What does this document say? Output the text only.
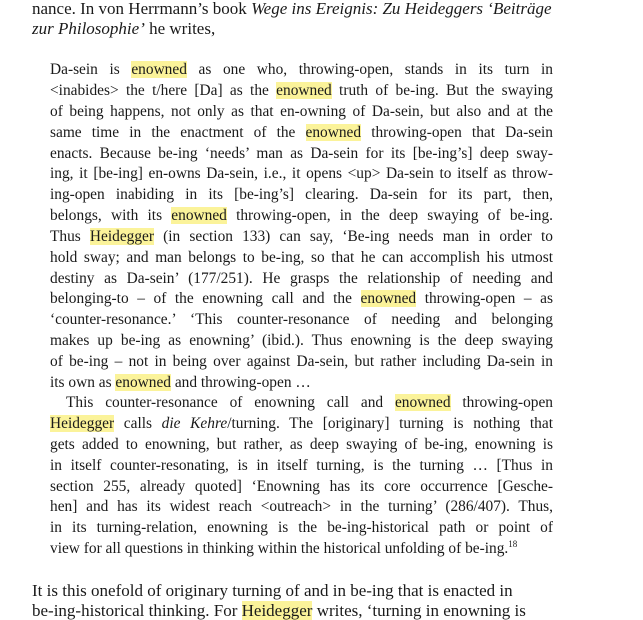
nance. In von Herrmann’s book Wege ins Ereignis: Zu Heideggers ‘Beiträge
zur Philosophie’ he writes,
Da-sein is enowned as one who, throwing-open, stands in its turn in
<inabides> the t/here [Da] as the enowned truth of be-ing. But the swaying
of being happens, not only as that en-owning of Da-sein, but also and at the
same time in the enactment of the enowned throwing-open that Da-sein
enacts. Because be-ing ‘needs’ man as Da-sein for its [be-ing’s] deep sway-
ing, it [be-ing] en-owns Da-sein, i.e., it opens <up> Da-sein to itself as throw-
ing-open inabiding in its [be-ing’s] clearing. Da-sein for its part, then,
belongs, with its enowned throwing-open, in the deep swaying of be-ing.
Thus Heidegger (in section 133) can say, ‘Be-ing needs man in order to
hold sway; and man belongs to be-ing, so that he can accomplish his utmost
destiny as Da-sein’ (177/251). He grasps the relationship of needing and
belonging-to – of the enowning call and the enowned throwing-open – as
‘counter-resonance.’ ‘This counter-resonance of needing and belonging
makes up be-ing as enowning’ (ibid.). Thus enowning is the deep swaying
of be-ing – not in being over against Da-sein, but rather including Da-sein in
its own as enowned and throwing-open …
This counter-resonance of enowning call and enowned throwing-open
Heidegger calls die Kehre/turning. The [originary] turning is nothing that
gets added to enowning, but rather, as deep swaying of be-ing, enowning is
in itself counter-resonating, is in itself turning, is the turning … [Thus in
section 255, already quoted] ‘Enowning has its core occurrence [Gesche-
hen] and has its widest reach <outreach> in the turning’ (286/407). Thus,
in its turning-relation, enowning is the be-ing-historical path or point of
view for all questions in thinking within the historical unfolding of be-ing.$^{18}$
It is this onefold of originary turning of and in be-ing that is enacted in
be-ing-historical thinking. For Heidegger writes, ‘turning in enowning is
